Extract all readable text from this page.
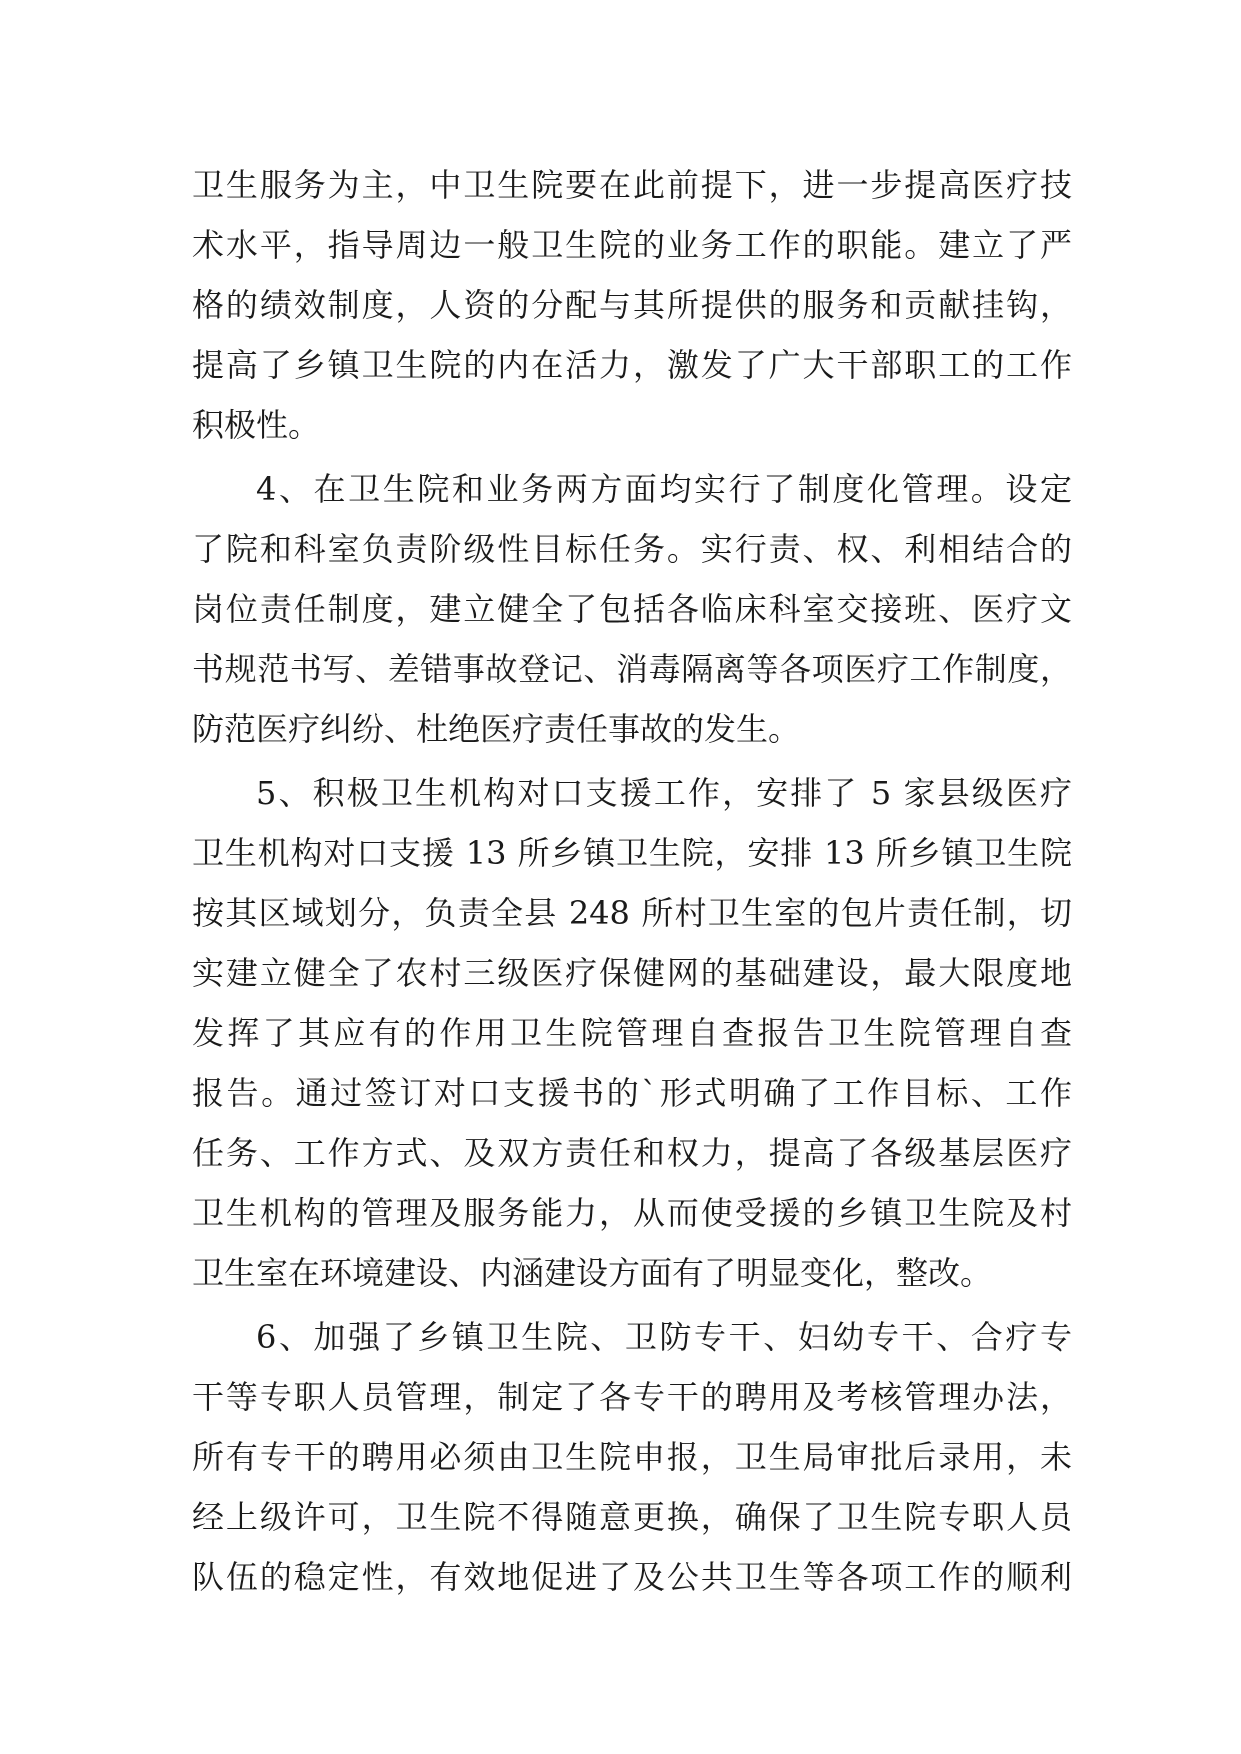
卫生服务为主，中卫生院要在此前提下，进一步提高医疗技
术水平，指导周边一般卫生院的业务工作的职能。建立了严
格的绩效制度，人资的分配与其所提供的服务和贡献挂钩，
提高了乡镇卫生院的内在活力，激发了广大干部职工的工作
积极性。
4、在卫生院和业务两方面均实行了制度化管理。设定
了院和科室负责阶级性目标任务。实行责、权、利相结合的
岗位责任制度，建立健全了包括各临床科室交接班、医疗文
书规范书写、差错事故登记、消毒隔离等各项医疗工作制度，
防范医疗纠纷、杜绝医疗责任事故的发生。
5、积极卫生机构对口支援工作，安排了 5 家县级医疗
卫生机构对口支援 13 所乡镇卫生院，安排 13 所乡镇卫生院
按其区域划分，负责全县 248 所村卫生室的包片责任制，切
实建立健全了农村三级医疗保健网的基础建设，最大限度地
发挥了其应有的作用卫生院管理自查报告卫生院管理自查
报告。通过签订对口支援书的`形式明确了工作目标、工作
任务、工作方式、及双方责任和权力，提高了各级基层医疗
卫生机构的管理及服务能力，从而使受援的乡镇卫生院及村
卫生室在环境建设、内涵建设方面有了明显变化，整改。
6、加强了乡镇卫生院、卫防专干、妇幼专干、合疗专
干等专职人员管理，制定了各专干的聘用及考核管理办法，
所有专干的聘用必须由卫生院申报，卫生局审批后录用，未
经上级许可，卫生院不得随意更换，确保了卫生院专职人员
队伍的稳定性，有效地促进了及公共卫生等各项工作的顺利
